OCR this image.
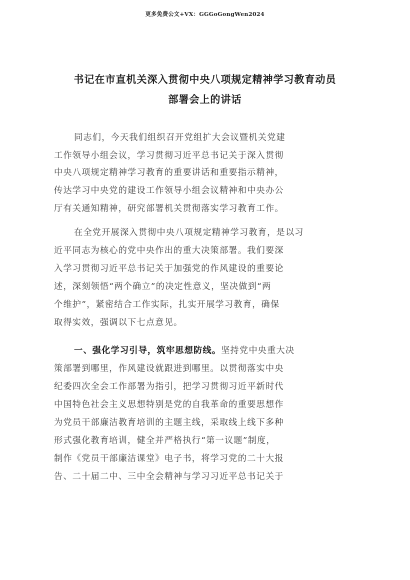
更多免费公文+VX：GGGoGongWen2024
书记在市直机关深入贯彻中央八项规定精神学习教育动员
部署会上的讲话
同志们，今天我们组织召开党组扩大会议暨机关党建
工作领导小组会议，学习贯彻习近平总书记关于深入贯彻
中央八项规定精神学习教育的重要讲话和重要指示精神，
传达学习中央党的建设工作领导小组会议精神和中央办公
厅有关通知精神，研究部署机关贯彻落实学习教育工作。
在全党开展深入贯彻中央八项规定精神学习教育，是以习
近平同志为核心的党中央作出的重大决策部署。我们要深
入学习贯彻习近平总书记关于加强党的作风建设的重要论
述，深刻领悟“两个确立”的决定性意义，坚决做到“两
个维护”，紧密结合工作实际，扎实开展学习教育，确保
取得实效，强调以下七点意见。
一、强化学习引导，筑牢思想防线。坚持党中央重大决
策部署到哪里，作风建设就跟进到哪里。以贯彻落实中央
纪委四次全会工作部署为指引，把学习贯彻习近平新时代
中国特色社会主义思想特别是党的自我革命的重要思想作
为党员干部廉洁教育培训的主题主线，采取线上线下多种
形式强化教育培训，健全并严格执行“第一议题”制度，
制作《党员干部廉洁课堂》电子书，将学习党的二十大报
告、二十届二中、三中全会精神与学习习近平总书记关于
